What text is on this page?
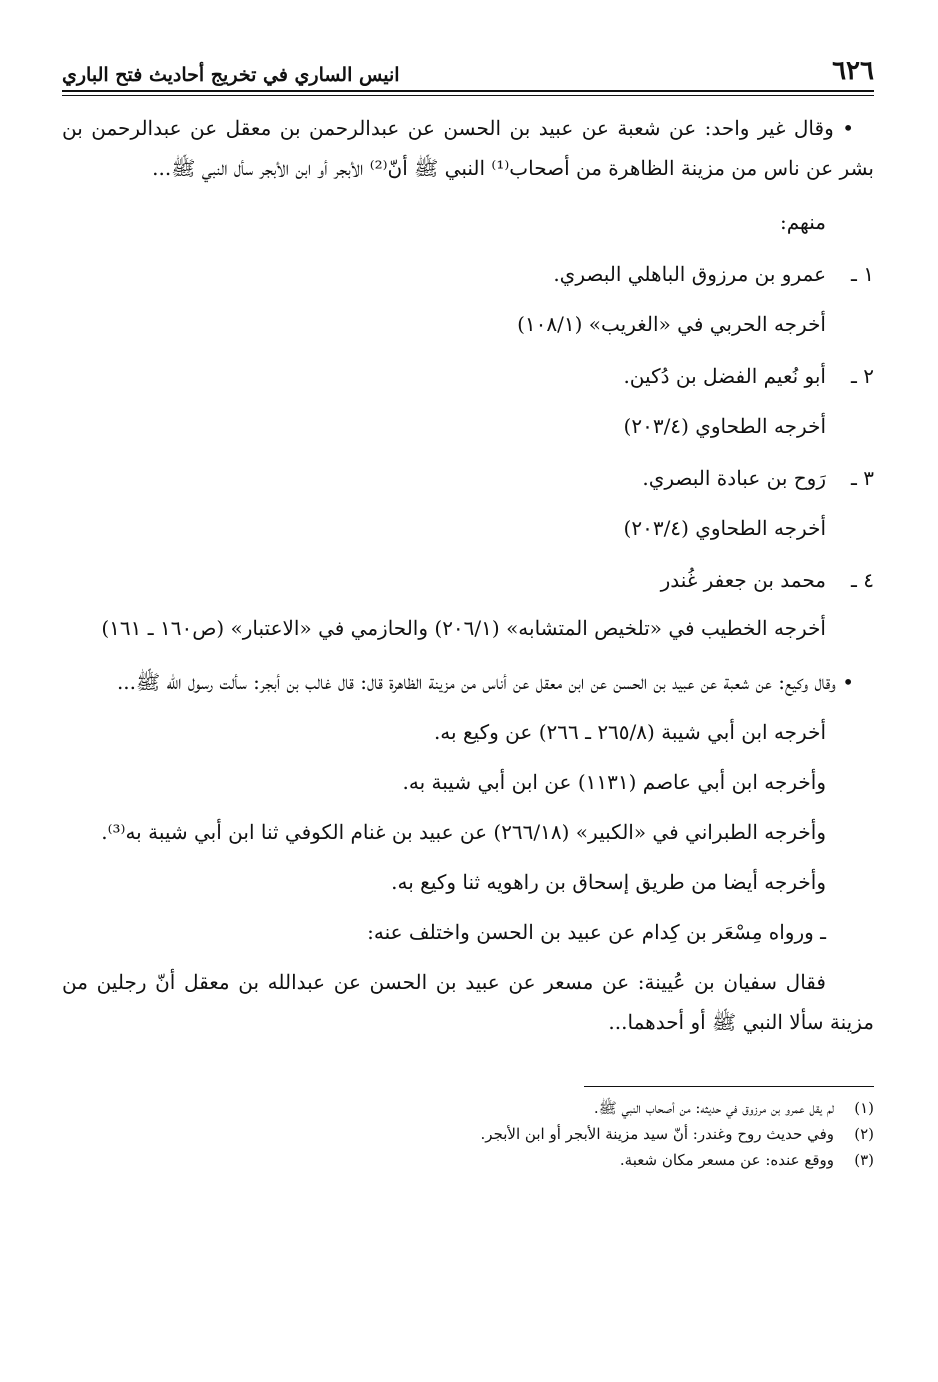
٦٢٦
انيس الساري في تخريج أحاديث فتح الباري

• وقال غير واحد: عن شعبة عن عبيد بن الحسن عن عبدالرحمن بن معقل عن عبدالرحمن بن بشر عن ناس من مزينة الظاهرة من أصحاب⁽¹⁾ النبي ﷺ أنّ⁽²⁾ الأبجر أو ابن الأبجر سأل النبي ﷺ...

منهم:
١ ـ
عمرو بن مرزوق الباهلي البصري.
أخرجه الحربي في «الغريب» (١٠٨/١)
٢ ـ
أبو نُعيم الفضل بن دُكين.
أخرجه الطحاوي (٢٠٣/٤)
٣ ـ
رَوح بن عبادة البصري.
أخرجه الطحاوي (٢٠٣/٤)
٤ ـ
محمد بن جعفر غُندر

أخرجه الخطيب في «تلخيص المتشابه» (٢٠٦/١) والحازمي في «الاعتبار» (ص١٦٠ ـ ١٦١)

• وقال وكيع: عن شعبة عن عبيد بن الحسن عن ابن معقل عن أناس من مزينة الظاهرة قال: قال غالب بن أبجر: سألت رسول الله ﷺ...

أخرجه ابن أبي شيبة (٢٦٥/٨ ـ ٢٦٦) عن وكيع به.
وأخرجه ابن أبي عاصم (١١٣١) عن ابن أبي شيبة به.
وأخرجه الطبراني في «الكبير» (٢٦٦/١٨) عن عبيد بن غنام الكوفي ثنا ابن أبي شيبة به⁽³⁾.
وأخرجه أيضا من طريق إسحاق بن راهويه ثنا وكيع به.
ـ ورواه مِسْعَر بن كِدام عن عبيد بن الحسن واختلف عنه:

فقال سفيان بن عُيينة: عن مسعر عن عبيد بن الحسن عن عبدالله بن معقل أنّ رجلين من مزينة سألا النبي ﷺ أو أحدهما...

(١)
لم يقل عمرو بن مرزوق في حديثه: من أصحاب النبي ﷺ.
(٢)
وفي حديث روح وغندر: أنّ سيد مزينة الأبجر أو ابن الأبجر.
(٣)
ووقع عنده: عن مسعر مكان شعبة.
